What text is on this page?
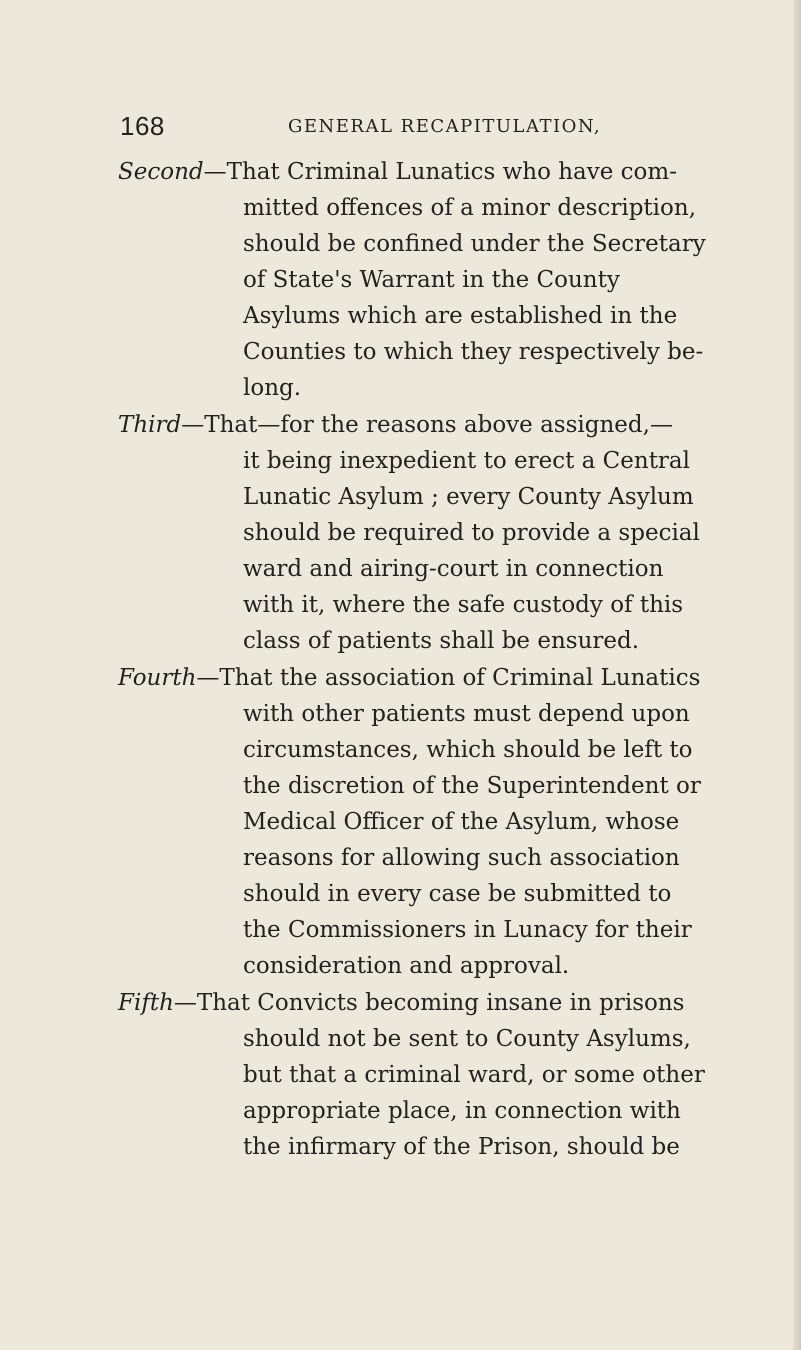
168	GENERAL RECAPITULATION,
Second—That Criminal Lunatics who have com-
mitted offences of a minor description,
should be confined under the Secretary
of State's Warrant in the County
Asylums which are established in the
Counties to which they respectively be-
long.
Third—That—for the reasons above assigned,—
it being inexpedient to erect a Central
Lunatic Asylum ; every County Asylum
should be required to provide a special
ward and airing-court in connection
with it, where the safe custody of this
class of patients shall be ensured.
Fourth—That the association of Criminal Lunatics
with other patients must depend upon
circumstances, which should be left to
the discretion of the Superintendent or
Medical Officer of the Asylum, whose
reasons for allowing such association
should in every case be submitted to
the Commissioners in Lunacy for their
consideration and approval.
Fifth—That Convicts becoming insane in prisons
should not be sent to County Asylums,
but that a criminal ward, or some other
appropriate place, in connection with
the infirmary of the Prison, should be
